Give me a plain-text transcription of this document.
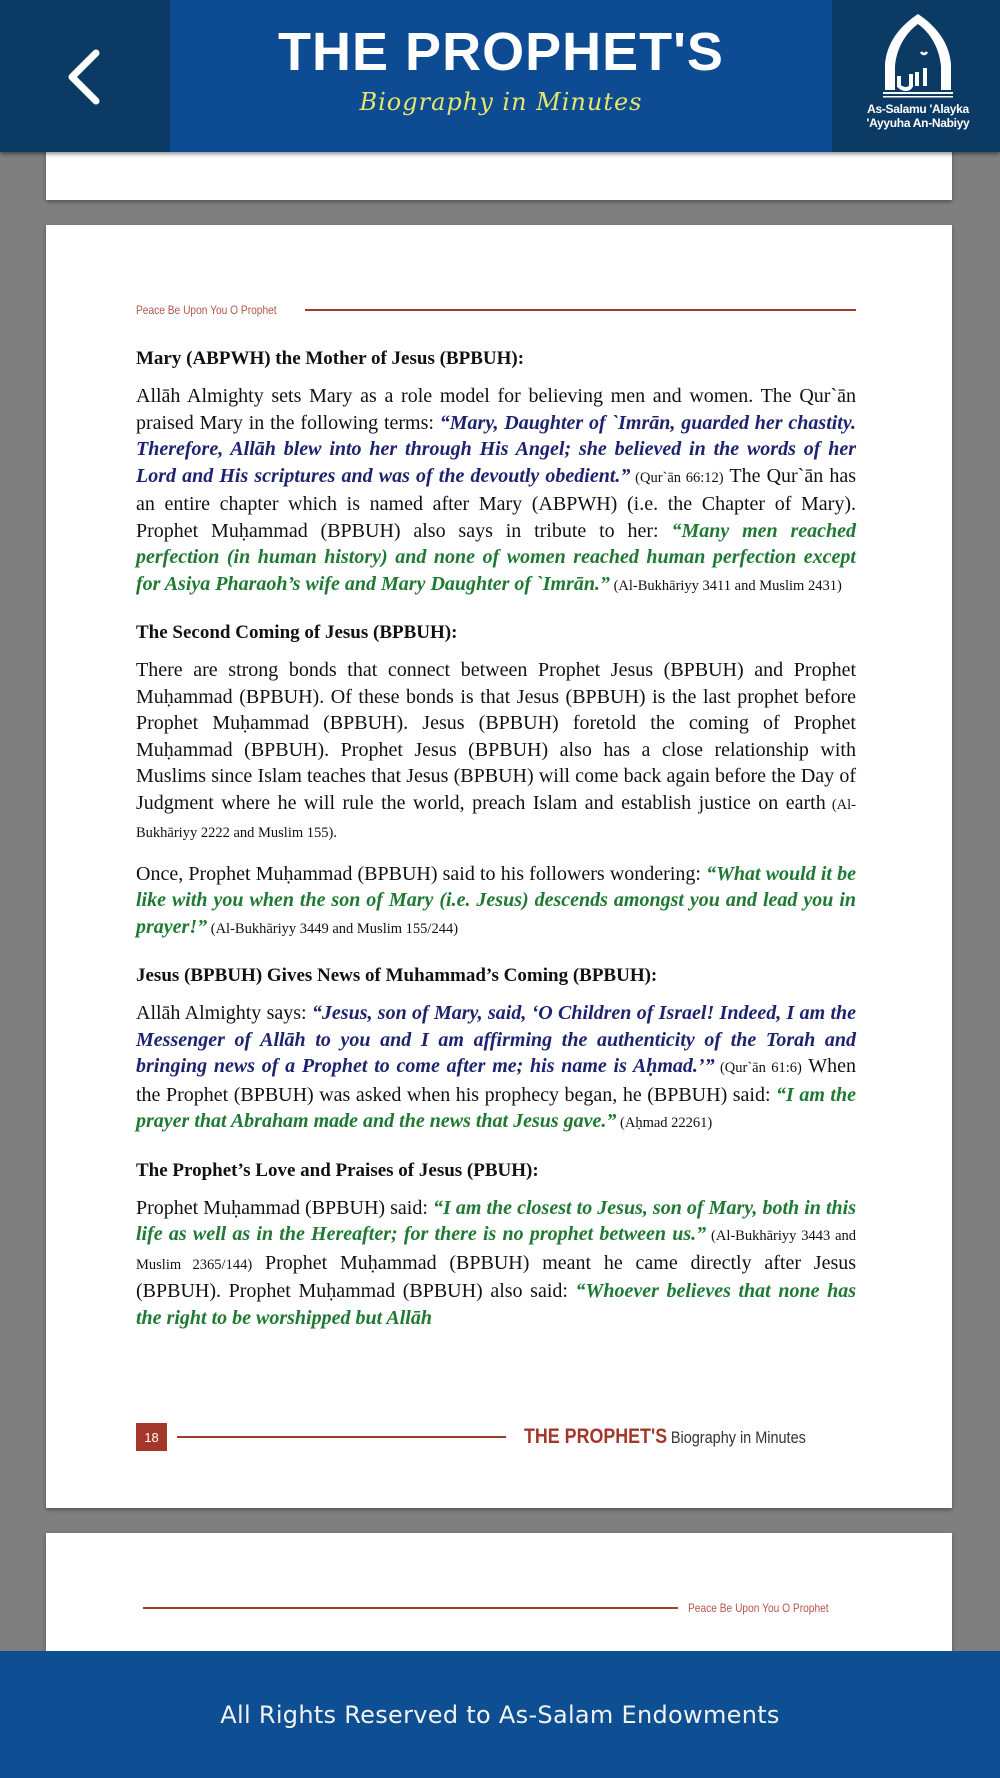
THE PROPHET'S
Biography in Minutes	As-Salamu 'Alayka
'Ayyuha An-Nabiyy
Peace Be Upon You O Prophet
Mary (ABPWH) the Mother of Jesus (BPBUH):

Allāh Almighty sets Mary as a role model for believing men and women. The Qur`ān praised Mary in the following terms: “Mary, Daughter of `Imrān, guarded her chastity. Therefore, Allāh blew into her through His Angel; she believed in the words of her Lord and His scriptures and was of the devoutly obedient.” (Qur`ān 66:12) The Qur`ān has an entire chapter which is named after Mary (ABPWH) (i.e. the Chapter of Mary). Prophet Muḥammad (BPBUH) also says in tribute to her: “Many men reached perfection (in human history) and none of women reached human perfection except for Asiya Pharaoh’s wife and Mary Daughter of `Imrān.” (Al-Bukhāriyy 3411 and Muslim 2431)

The Second Coming of Jesus (BPBUH):

There are strong bonds that connect between Prophet Jesus (BPBUH) and Prophet Muḥammad (BPBUH). Of these bonds is that Jesus (BPBUH) is the last prophet before Prophet Muḥammad (BPBUH). Jesus (BPBUH) foretold the coming of Prophet Muḥammad (BPBUH). Prophet Jesus (BPBUH) also has a close relationship with Muslims since Islam teaches that Jesus (BPBUH) will come back again before the Day of Judgment where he will rule the world, preach Islam and establish justice on earth (Al-Bukhāriyy 2222 and Muslim 155).

Once, Prophet Muḥammad (BPBUH) said to his followers wondering: “What would it be like with you when the son of Mary (i.e. Jesus) descends amongst you and lead you in prayer!” (Al-Bukhāriyy 3449 and Muslim 155/244)

Jesus (BPBUH) Gives News of Muhammad’s Coming (BPBUH):

Allāh Almighty says: “Jesus, son of Mary, said, ‘O Children of Israel! Indeed, I am the Messenger of Allāh to you and I am affirming the authenticity of the Torah and bringing news of a Prophet to come after me; his name is Aḥmad.’” (Qur`ān 61:6) When the Prophet (BPBUH) was asked when his prophecy began, he (BPBUH) said: “I am the prayer that Abraham made and the news that Jesus gave.” (Aḥmad 22261)

The Prophet’s Love and Praises of Jesus (PBUH):

Prophet Muḥammad (BPBUH) said: “I am the closest to Jesus, son of Mary, both in this life as well as in the Hereafter; for there is no prophet between us.” (Al-Bukhāriyy 3443 and Muslim 2365/144) Prophet Muḥammad (BPBUH) meant he came directly after Jesus (BPBUH). Prophet Muḥammad (BPBUH) also said: “Whoever believes that none has the right to be worshipped but Allāh

18	THE PROPHET'S Biography in Minutes
Peace Be Upon You O Prophet
All Rights Reserved to As-Salam Endowments
